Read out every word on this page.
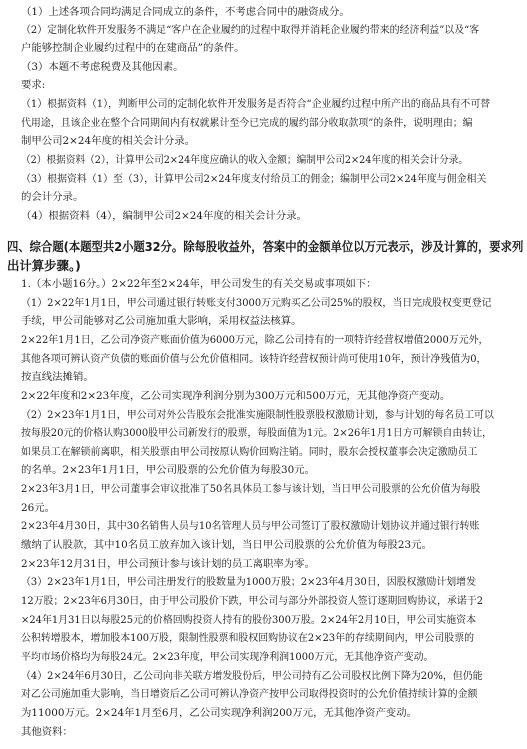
（1）上述各项合同均满足合同成立的条件，不考虑合同中的融资成分。

（2）定制化软件开发服务不满足“客户在企业履约的过程中取得并消耗企业履约带来的经济利益”以及“客

户能够控制企业履约过程中的在建商品”的条件。

（3）本题不考虑税费及其他因素。

要求:

（1）根据资料（1），判断甲公司的定制化软件开发服务是否符合“企业履约过程中所产出的商品具有不可替

代用途，且该企业在整个合同期间内有权就累计至今已完成的履约部分收取款项”的条件，说明理由；编

制甲公司2×24年度的相关会计分录。

（2）根据资料（2），计算甲公司2×24年度应确认的收入金额；编制甲公司2×24年度的相关会计分录。

（3）根据资料（1）至（3），计算甲公司2×24年度支付给员工的佣金；编制甲公司2×24年度与佣金相关

的会计分录。

（4）根据资料（4），编制甲公司2×24年度的相关会计分录。

四、综合题(本题型共2小题32分。除每股收益外，答案中的金额单位以万元表示，涉及计算的，要求列

出计算步骤。)

1.（本小题16分。）2×22年至2×24年，甲公司发生的有关交易或事项如下：

（1）2×22年1月1日，甲公司通过银行转账支付3000万元购买乙公司25%的股权，当日完成股权变更登记

手续，甲公司能够对乙公司施加重大影响，采用权益法核算。

2×22年1月1日，乙公司净资产账面价值为6000万元，除乙公司持有的一项特许经营权增值2000万元外，

其他各项可辨认资产负债的账面价值与公允价值相同。该特许经营权预计尚可使用10年，预计净残值为0，

按直线法摊销。

2×22年度和2×23年度，乙公司实现净利润分别为300万元和500万元，无其他净资产变动。

（2）2×23年1月1日，甲公司对外公告股东会批准实施限制性股票股权激励计划，参与计划的每名员工可以

按每股20元的价格认购3000股甲公司新发行的股票，每股面值为1元。2×26年1月1日方可解锁自由转让，

如果员工在解锁前离职，相关股票由甲公司按原认购价回购注销。同时，股东会授权董事会决定激励员工

的名单。2×23年1月1日，甲公司股票的公允价值为每股30元。

2×23年3月1日，甲公司董事会审议批准了50名具体员工参与该计划，当日甲公司股票的公允价值为每股

26元。

2×23年4月30日，其中30名销售人员与10名管理人员与甲公司签订了股权激励计划协议并通过银行转账

缴纳了认股款，其中10名员工放弃加入该计划，当日甲公司股票的公允价值为每股23元。

2×23年12月31日，甲公司预计参与该计划的员工离职率为零。

（3）2×23年1月1日，甲公司注册发行的股数量为1000万股；2×23年4月30日，因股权激励计划增发

12万股；2×23年6月30日，由于甲公司股价下跌，甲公司与部分外部投资人签订逐期回购协议，承诺于2

×24年1月31日以每股25元的价格回购投资人持有的股份300万股。2×24年2月10日，甲公司实施资本

公积转增股本，增加股本100万股，限制性股票和股权回购协议在2×23年的存续期间内，甲公司股票的

平均市场价格均为每股24元。2×23年度，甲公司实现净利润1000万元，无其他净资产变动。

（4）2×24年6月30日，乙公司向非关联方增发股份后，甲公司持有乙公司股权比例下降为20%，但仍能

对乙公司施加重大影响，当日增资后乙公司可辨认净资产按甲公司取得投资时的公允价值持续计算的金额

为11000万元。2×24年1月至6月，乙公司实现净利润200万元，无其他净资产变动。

其他资料：
